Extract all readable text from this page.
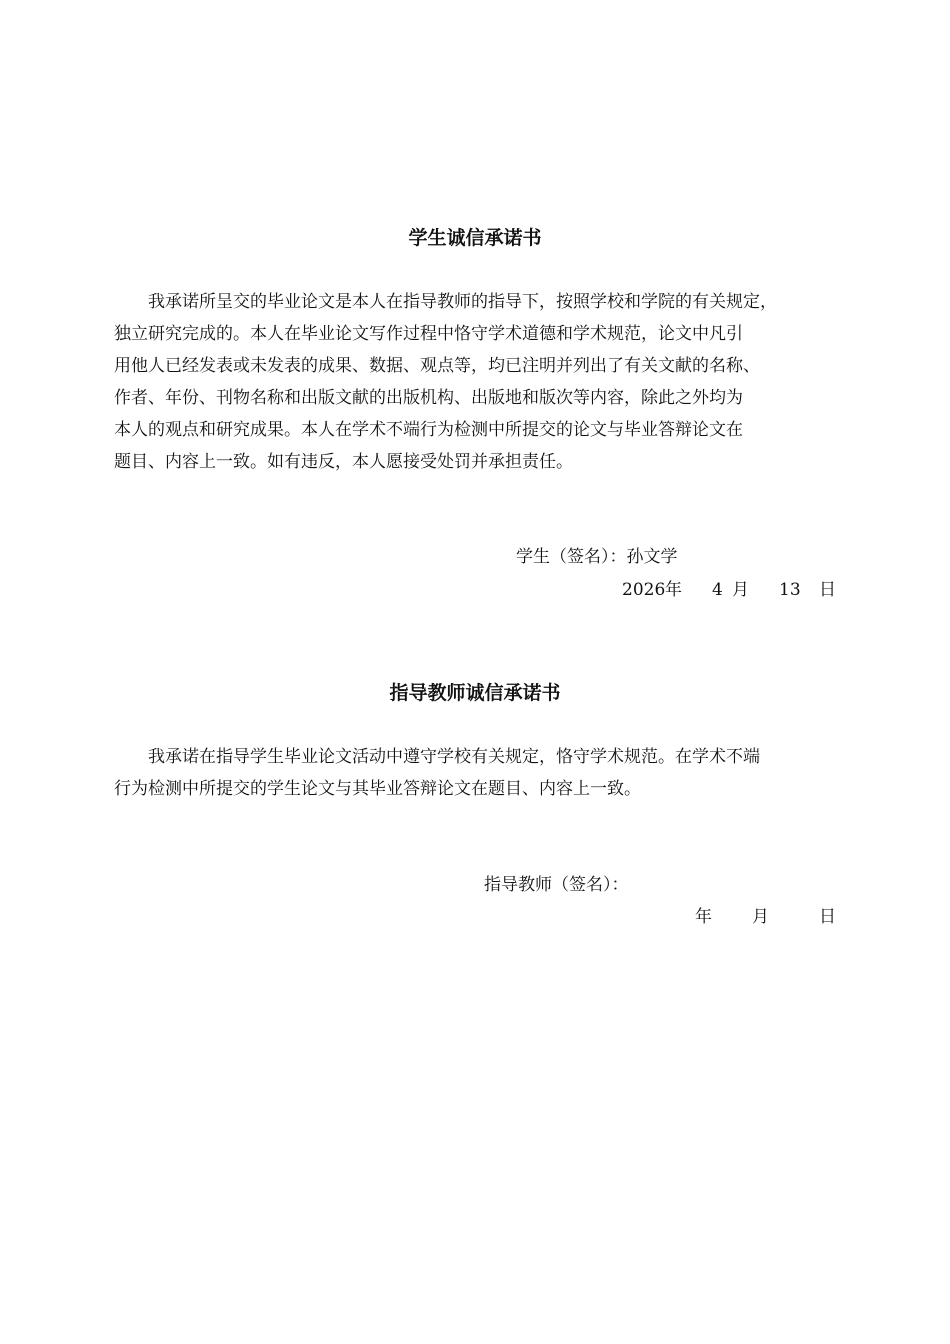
学生诚信承诺书
我承诺所呈交的毕业论文是本人在指导教师的指导下，按照学校和学院的有关规定，
独立研究完成的。本人在毕业论文写作过程中恪守学术道德和学术规范，论文中凡引
用他人已经发表或未发表的成果、数据、观点等，均已注明并列出了有关文献的名称、
作者、年份、刊物名称和出版文献的出版机构、出版地和版次等内容，除此之外均为
本人的观点和研究成果。本人在学术不端行为检测中所提交的论文与毕业答辩论文在
题目、内容上一致。如有违反，本人愿接受处罚并承担责任。
学生（签名）：孙文学
2026 年 4 月 13 日
指导教师诚信承诺书
我承诺在指导学生毕业论文活动中遵守学校有关规定，恪守学术规范。在学术不端
行为检测中所提交的学生论文与其毕业答辩论文在题目、内容上一致。
指导教师（签名）：
年 月	日
